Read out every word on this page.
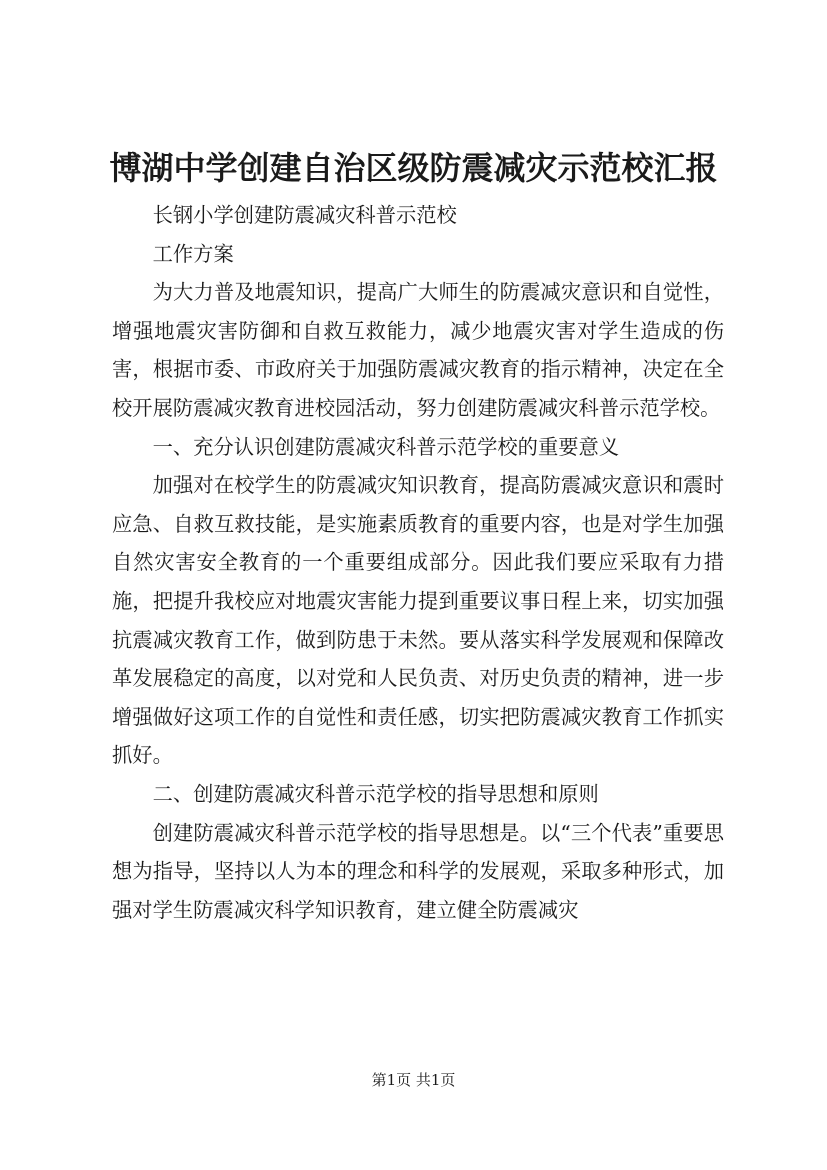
博湖中学创建自治区级防震减灾示范校汇报

长钢小学创建防震减灾科普示范校

工作方案

为大力普及地震知识，提高广大师生的防震减灾意识和自觉性，增强地震灾害防御和自救互救能力，减少地震灾害对学生造成的伤害，根据市委、市政府关于加强防震减灾教育的指示精神，决定在全校开展防震减灾教育进校园活动，努力创建防震减灾科普示范学校。

一、充分认识创建防震减灾科普示范学校的重要意义

加强对在校学生的防震减灾知识教育，提高防震减灾意识和震时应急、自救互救技能，是实施素质教育的重要内容，也是对学生加强自然灾害安全教育的一个重要组成部分。因此我们要应采取有力措施，把提升我校应对地震灾害能力提到重要议事日程上来，切实加强抗震减灾教育工作，做到防患于未然。要从落实科学发展观和保障改革发展稳定的高度，以对党和人民负责、对历史负责的精神，进一步增强做好这项工作的自觉性和责任感，切实把防震减灾教育工作抓实抓好。

二、创建防震减灾科普示范学校的指导思想和原则

创建防震减灾科普示范学校的指导思想是。以“三个代表”重要思想为指导，坚持以人为本的理念和科学的发展观，采取多种形式，加强对学生防震减灾科学知识教育，建立健全防震减灾

第1页 共1页
